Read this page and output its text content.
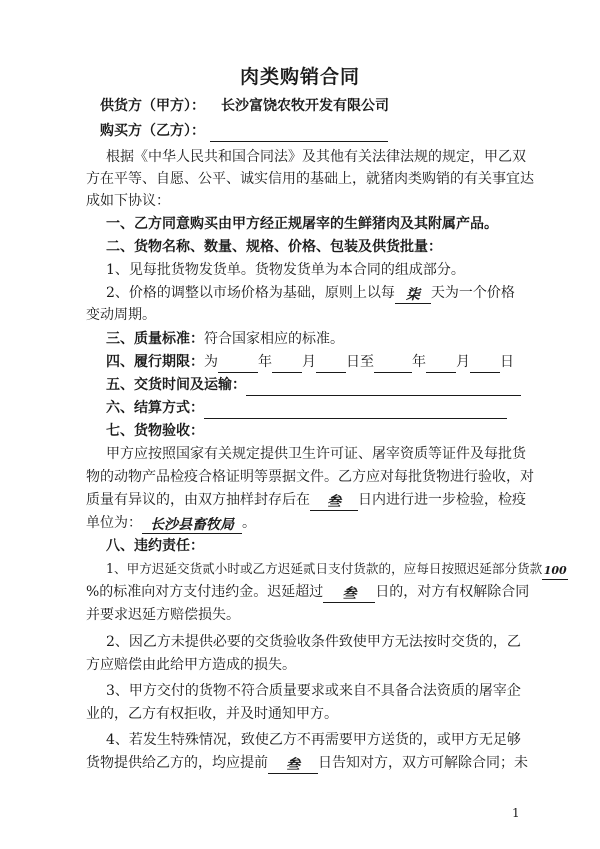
肉类购销合同
供货方（甲方）： 长沙富饶农牧开发有限公司
购买方（乙方）：
根据《中华人民共和国合同法》及其他有关法律法规的规定，甲乙双
方在平等、自愿、公平、诚实信用的基础上，就猪肉类购销的有关事宜达
成如下协议：
一、乙方同意购买由甲方经正规屠宰的生鲜猪肉及其附属产品。
二、货物名称、数量、规格、价格、包装及供货批量：
1、见每批货物发货单。货物发货单为本合同的组成部分。
2、价格的调整以市场价格为基础，原则上以每 柒 天为一个价格
变动周期。
三、质量标准：符合国家相应的标准。
四、履行期限：为	年 月 日至	年 月 日
五、交货时间及运输：
六、结算方式：
七、货物验收：
甲方应按照国家有关规定提供卫生许可证、屠宰资质等证件及每批货
物的动物产品检疫合格证明等票据文件。乙方应对每批货物进行验收，对
质量有异议的，由双方抽样封存后在 叁 日内进行进一步检验，检疫
单位为： 长沙县畜牧局 。
八、违约责任：
1、甲方迟延交货贰小时或乙方迟延贰日支付货款的，应每日按照迟延部分货款 100
%的标准向对方支付违约金。迟延超过 叁 日的，对方有权解除合同
并要求迟延方赔偿损失。
2、因乙方未提供必要的交货验收条件致使甲方无法按时交货的，乙
方应赔偿由此给甲方造成的损失。
3、甲方交付的货物不符合质量要求或来自不具备合法资质的屠宰企
业的，乙方有权拒收，并及时通知甲方。
4、若发生特殊情况，致使乙方不再需要甲方送货的，或甲方无足够
货物提供给乙方的，均应提前 叁 日告知对方，双方可解除合同；未
1
